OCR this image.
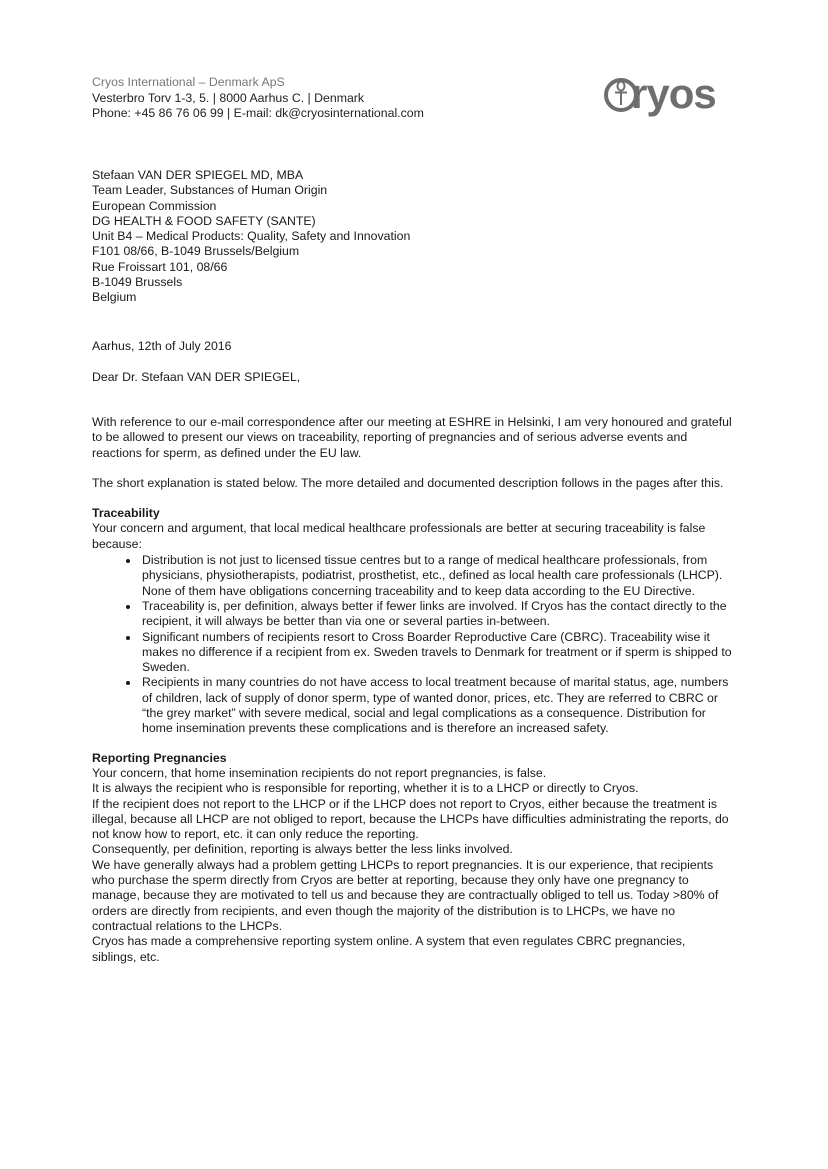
Cryos International – Denmark ApS
Vesterbro Torv 1-3, 5. | 8000 Aarhus C. | Denmark
Phone: +45 86 76 06 99 | E-mail: dk@cryosinternational.com	ryos
Stefaan VAN DER SPIEGEL MD, MBA
Team Leader, Substances of Human Origin
European Commission
DG HEALTH & FOOD SAFETY (SANTE)
Unit B4 – Medical Products: Quality, Safety and Innovation
F101 08/66, B-1049 Brussels/Belgium
Rue Froissart 101, 08/66
B-1049 Brussels
Belgium
Aarhus, 12th of July 2016
Dear Dr. Stefaan VAN DER SPIEGEL,

With reference to our e-mail correspondence after our meeting at ESHRE in Helsinki, I am very honoured and grateful to be allowed to present our views on traceability, reporting of pregnancies and of serious adverse events and reactions for sperm, as defined under the EU law.

The short explanation is stated below. The more detailed and documented description follows in the pages after this.

Traceability

Your concern and argument, that local medical healthcare professionals are better at securing traceability is false because:

• Distribution is not just to licensed tissue centres but to a range of medical healthcare professionals, from physicians, physiotherapists, podiatrist, prosthetist, etc., defined as local health care professionals (LHCP). None of them have obligations concerning traceability and to keep data according to the EU Directive.
• Traceability is, per definition, always better if fewer links are involved. If Cryos has the contact directly to the recipient, it will always be better than via one or several parties in-between.
• Significant numbers of recipients resort to Cross Boarder Reproductive Care (CBRC). Traceability wise it makes no difference if a recipient from ex. Sweden travels to Denmark for treatment or if sperm is shipped to Sweden.
• Recipients in many countries do not have access to local treatment because of marital status, age, numbers of children, lack of supply of donor sperm, type of wanted donor, prices, etc. They are referred to CBRC or “the grey market” with severe medical, social and legal complications as a consequence. Distribution for home insemination prevents these complications and is therefore an increased safety.

Reporting Pregnancies

Your concern, that home insemination recipients do not report pregnancies, is false.

It is always the recipient who is responsible for reporting, whether it is to a LHCP or directly to Cryos.

If the recipient does not report to the LHCP or if the LHCP does not report to Cryos, either because the treatment is illegal, because all LHCP are not obliged to report, because the LHCPs have difficulties administrating the reports, do not know how to report, etc. it can only reduce the reporting.

Consequently, per definition, reporting is always better the less links involved.

We have generally always had a problem getting LHCPs to report pregnancies. It is our experience, that recipients who purchase the sperm directly from Cryos are better at reporting, because they only have one pregnancy to manage, because they are motivated to tell us and because they are contractually obliged to tell us. Today >80% of orders are directly from recipients, and even though the majority of the distribution is to LHCPs, we have no contractual relations to the LHCPs.

Cryos has made a comprehensive reporting system online. A system that even regulates CBRC pregnancies, siblings, etc.
